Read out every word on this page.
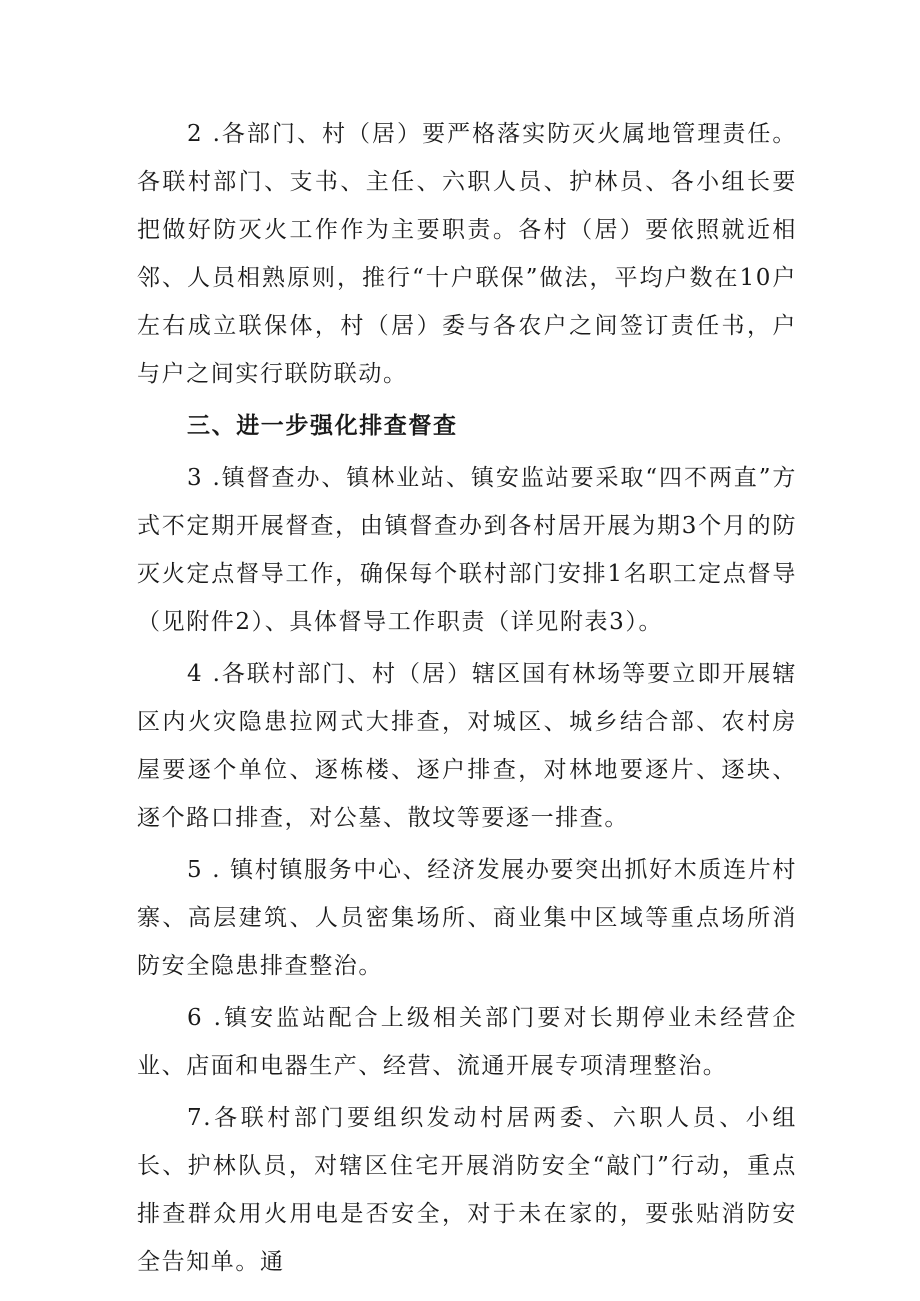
2 .各部门、村（居）要严格落实防灭火属地管理责任。各联村部门、支书、主任、六职人员、护林员、各小组长要把做好防灭火工作作为主要职责。各村（居）要依照就近相邻、人员相熟原则，推行“十户联保”做法，平均户数在10户左右成立联保体，村（居）委与各农户之间签订责任书，户与户之间实行联防联动。

三、进一步强化排查督查

3 .镇督查办、镇林业站、镇安监站要采取“四不两直”方式不定期开展督查，由镇督查办到各村居开展为期3个月的防灭火定点督导工作，确保每个联村部门安排1名职工定点督导（见附件2）、具体督导工作职责（详见附表3）。

4 .各联村部门、村（居）辖区国有林场等要立即开展辖区内火灾隐患拉网式大排查，对城区、城乡结合部、农村房屋要逐个单位、逐栋楼、逐户排查，对林地要逐片、逐块、逐个路口排查，对公墓、散坟等要逐一排查。

5 . 镇村镇服务中心、经济发展办要突出抓好木质连片村寨、高层建筑、人员密集场所、商业集中区域等重点场所消防安全隐患排查整治。

6 .镇安监站配合上级相关部门要对长期停业未经营企业、店面和电器生产、经营、流通开展专项清理整治。

7.各联村部门要组织发动村居两委、六职人员、小组长、护林队员，对辖区住宅开展消防安全“敲门”行动，重点排查群众用火用电是否安全，对于未在家的，要张贴消防安全告知单。通
